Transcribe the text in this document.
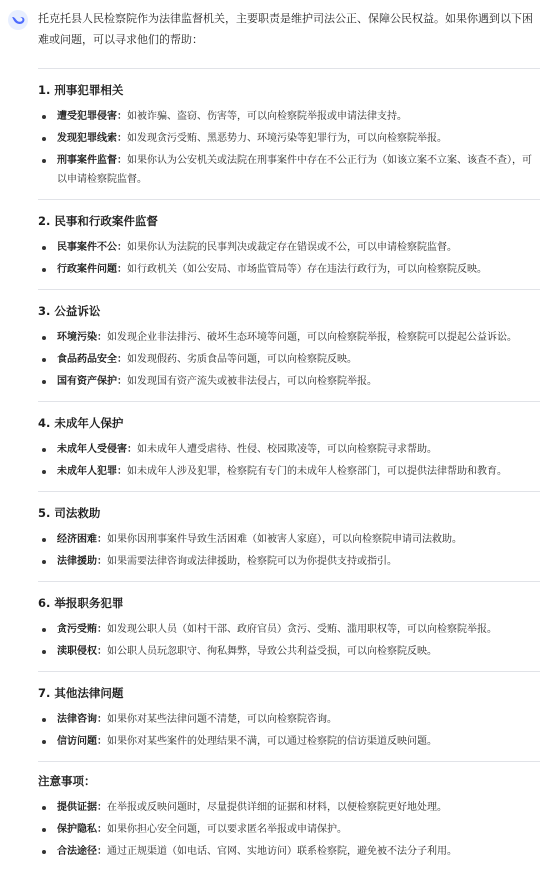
托克托县人民检察院作为法律监督机关，主要职责是维护司法公正、保障公民权益。如果你遇到以下困难或问题，可以寻求他们的帮助：

1. 刑事犯罪相关
遭受犯罪侵害：如被诈骗、盗窃、伤害等，可以向检察院举报或申请法律支持。
发现犯罪线索：如发现贪污受贿、黑恶势力、环境污染等犯罪行为，可以向检察院举报。
刑事案件监督：如果你认为公安机关或法院在刑事案件中存在不公正行为（如该立案不立案、该查不查），可以申请检察院监督。
2. 民事和行政案件监督
民事案件不公：如果你认为法院的民事判决或裁定存在错误或不公，可以申请检察院监督。
行政案件问题：如行政机关（如公安局、市场监管局等）存在违法行政行为，可以向检察院反映。
3. 公益诉讼
环境污染：如发现企业非法排污、破坏生态环境等问题，可以向检察院举报，检察院可以提起公益诉讼。
食品药品安全：如发现假药、劣质食品等问题，可以向检察院反映。
国有资产保护：如发现国有资产流失或被非法侵占，可以向检察院举报。
4. 未成年人保护
未成年人受侵害：如未成年人遭受虐待、性侵、校园欺凌等，可以向检察院寻求帮助。
未成年人犯罪：如未成年人涉及犯罪，检察院有专门的未成年人检察部门，可以提供法律帮助和教育。
5. 司法救助
经济困难：如果你因刑事案件导致生活困难（如被害人家庭），可以向检察院申请司法救助。
法律援助：如果需要法律咨询或法律援助，检察院可以为你提供支持或指引。
6. 举报职务犯罪
贪污受贿：如发现公职人员（如村干部、政府官员）贪污、受贿、滥用职权等，可以向检察院举报。
渎职侵权：如公职人员玩忽职守、徇私舞弊，导致公共利益受损，可以向检察院反映。
7. 其他法律问题
法律咨询：如果你对某些法律问题不清楚，可以向检察院咨询。
信访问题：如果你对某些案件的处理结果不满，可以通过检察院的信访渠道反映问题。
注意事项：
提供证据：在举报或反映问题时，尽量提供详细的证据和材料，以便检察院更好地处理。
保护隐私：如果你担心安全问题，可以要求匿名举报或申请保护。
合法途径：通过正规渠道（如电话、官网、实地访问）联系检察院，避免被不法分子利用。
